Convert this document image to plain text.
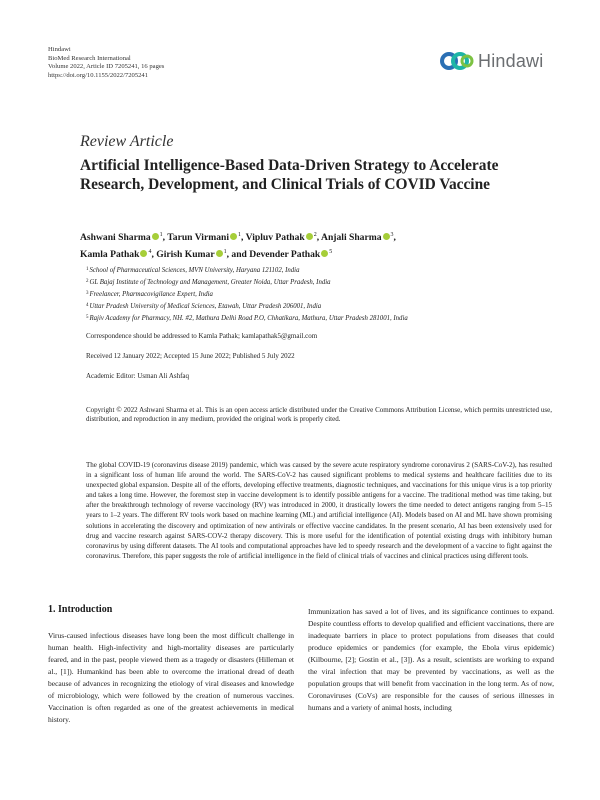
Hindawi
BioMed Research International
Volume 2022, Article ID 7205241, 16 pages
https://doi.org/10.1155/2022/7205241
Hindawi
Review Article
Artificial Intelligence-Based Data-Driven Strategy to Accelerate Research, Development, and Clinical Trials of COVID Vaccine
Ashwani Sharma $^1$, Tarun Virmani $^1$, Vipluv Pathak $^2$, Anjali Sharma $^3$,
Kamla Pathak $^4$, Girish Kumar $^1$, and Devender Pathak $^5$
$^1$School of Pharmaceutical Sciences, MVN University, Haryana 121102, India
$^2$GL Bajaj Institute of Technology and Management, Greater Noida, Uttar Pradesh, India
$^3$Freelancer, Pharmacovigilance Expert, India
$^4$Uttar Pradesh University of Medical Sciences, Etawah, Uttar Pradesh 206001, India
$^5$Rajiv Academy for Pharmacy, NH. #2, Mathura Delhi Road P.O, Chhatikara, Mathura, Uttar Pradesh 281001, India
Correspondence should be addressed to Kamla Pathak; kamlapathak5@gmail.com
Received 12 January 2022; Accepted 15 June 2022; Published 5 July 2022
Academic Editor: Usman Ali Ashfaq
Copyright © 2022 Ashwani Sharma et al. This is an open access article distributed under the Creative Commons Attribution License, which permits unrestricted use, distribution, and reproduction in any medium, provided the original work is properly cited.
The global COVID-19 (coronavirus disease 2019) pandemic, which was caused by the severe acute respiratory syndrome coronavirus 2 (SARS-CoV-2), has resulted in a significant loss of human life around the world. The SARS-CoV-2 has caused significant problems to medical systems and healthcare facilities due to its unexpected global expansion. Despite all of the efforts, developing effective treatments, diagnostic techniques, and vaccinations for this unique virus is a top priority and takes a long time. However, the foremost step in vaccine development is to identify possible antigens for a vaccine. The traditional method was time taking, but after the breakthrough technology of reverse vaccinology (RV) was introduced in 2000, it drastically lowers the time needed to detect antigens ranging from 5–15 years to 1–2 years. The different RV tools work based on machine learning (ML) and artificial intelligence (AI). Models based on AI and ML have shown promising solutions in accelerating the discovery and optimization of new antivirals or effective vaccine candidates. In the present scenario, AI has been extensively used for drug and vaccine research against SARS-COV-2 therapy discovery. This is more useful for the identification of potential existing drugs with inhibitory human coronavirus by using different datasets. The AI tools and computational approaches have led to speedy research and the development of a vaccine to fight against the coronavirus. Therefore, this paper suggests the role of artificial intelligence in the field of clinical trials of vaccines and clinical practices using different tools.
1. Introduction

Virus-caused infectious diseases have long been the most difficult challenge in human health. High-infectivity and high-mortality diseases are particularly feared, and in the past, people viewed them as a tragedy or disasters (Hilleman et al., [1]). Humankind has been able to overcome the irrational dread of death because of advances in recognizing the etiology of viral diseases and knowledge of microbiology, which were followed by the creation of numerous vaccines. Vaccination is often regarded as one of the greatest achievements in medical history.

Immunization has saved a lot of lives, and its significance continues to expand. Despite countless efforts to develop qualified and efficient vaccinations, there are inadequate barriers in place to protect populations from diseases that could produce epidemics or pandemics (for example, the Ebola virus epidemic) (Kilbourne, [2]; Gostin et al., [3]). As a result, scientists are working to expand the viral infection that may be prevented by vaccinations, as well as the population groups that will benefit from vaccination in the long term. As of now, Coronaviruses (CoVs) are responsible for the causes of serious illnesses in humans and a variety of animal hosts, including
